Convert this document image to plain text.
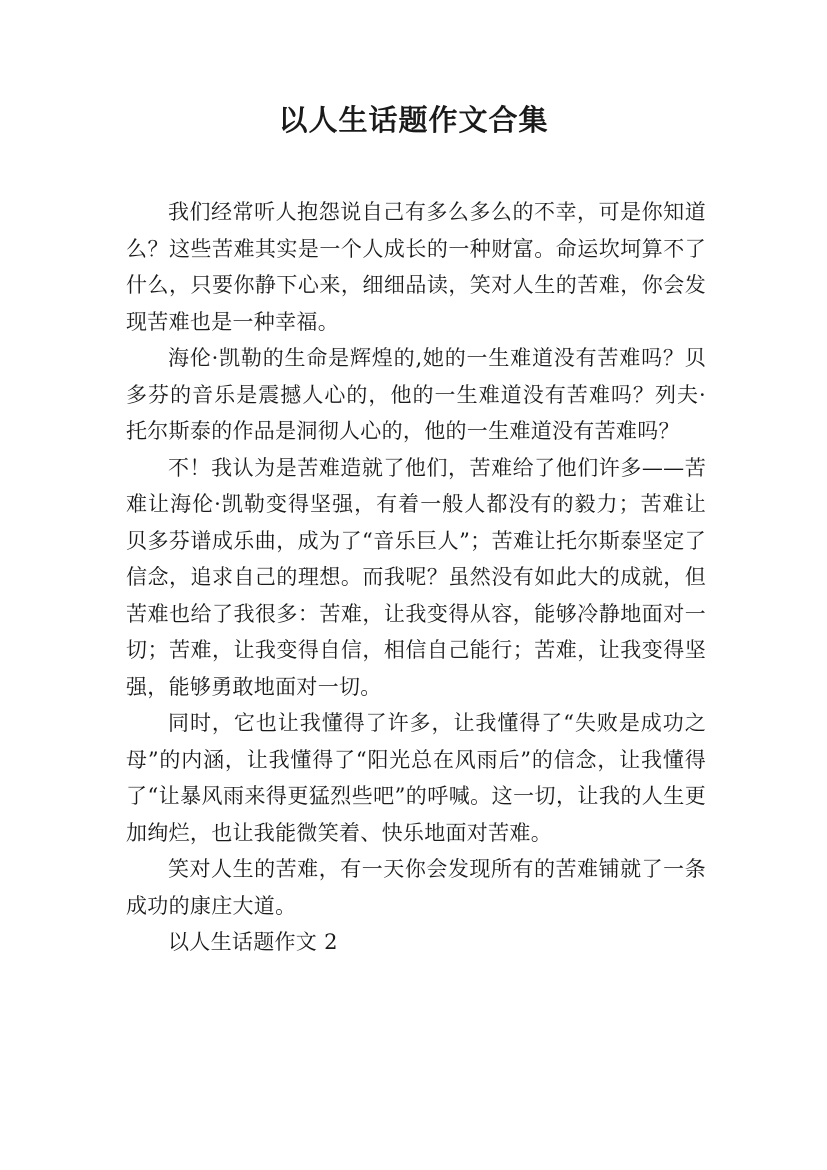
以人生话题作文合集

我们经常听人抱怨说自己有多么多么的不幸，可是你知道么？这些苦难其实是一个人成长的一种财富。命运坎坷算不了什么，只要你静下心来，细细品读，笑对人生的苦难，你会发现苦难也是一种幸福。

海伦·凯勒的生命是辉煌的,她的一生难道没有苦难吗？贝多芬的音乐是震撼人心的，他的一生难道没有苦难吗？列夫·托尔斯泰的作品是洞彻人心的，他的一生难道没有苦难吗？

不！我认为是苦难造就了他们，苦难给了他们许多——苦难让海伦·凯勒变得坚强，有着一般人都没有的毅力；苦难让贝多芬谱成乐曲，成为了“音乐巨人”；苦难让托尔斯泰坚定了信念，追求自己的理想。而我呢？虽然没有如此大的成就，但苦难也给了我很多：苦难，让我变得从容，能够冷静地面对一切；苦难，让我变得自信，相信自己能行；苦难，让我变得坚强，能够勇敢地面对一切。

同时，它也让我懂得了许多，让我懂得了“失败是成功之母”的内涵，让我懂得了“阳光总在风雨后”的信念，让我懂得了“让暴风雨来得更猛烈些吧”的呼喊。这一切，让我的人生更加绚烂，也让我能微笑着、快乐地面对苦难。

笑对人生的苦难，有一天你会发现所有的苦难铺就了一条成功的康庄大道。

以人生话题作文 2
